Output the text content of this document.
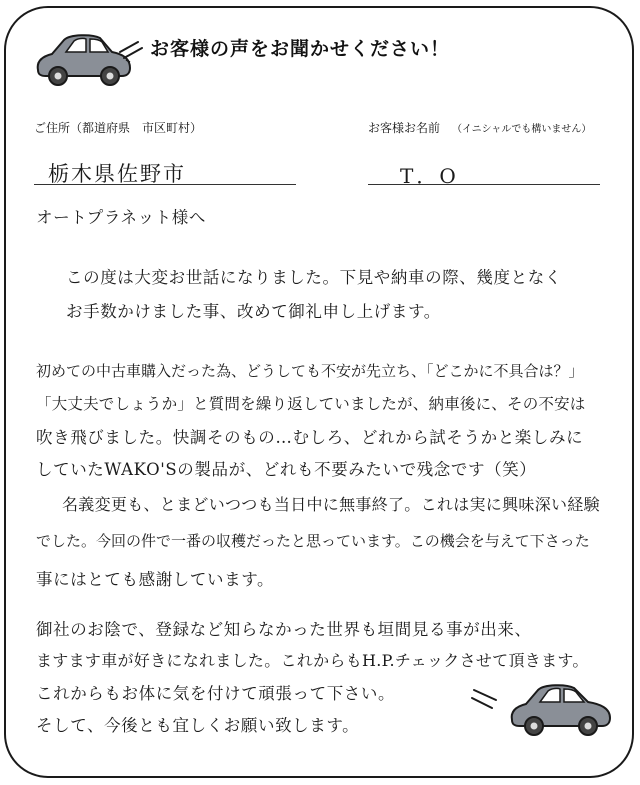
お客様の声をお聞かせください！
ご住所（都道府県　市区町村）
栃木県佐野市
お客様お名前 （イニシャルでも構いません）
T．O
オートプラネット様へ
この度は大変お世話になりました。下見や納車の際、幾度となく
お手数かけました事、改めて御礼申し上げます。
初めての中古車購入だった為、どうしても不安が先立ち、「どこかに不具合は？」
「大丈夫でしょうか」と質問を繰り返していましたが、納車後に、その不安は
吹き飛びました。快調そのもの…むしろ、どれから試そうかと楽しみに
していたWAKO'Sの製品が、どれも不要みたいで残念です（笑）
名義変更も、とまどいつつも当日中に無事終了。これは実に興味深い経験
でした。今回の件で一番の収穫だったと思っています。この機会を与えて下さった
事にはとても感謝しています。
御社のお陰で、登録など知らなかった世界も垣間見る事が出来、
ますます車が好きになれました。これからもH.P.チェックさせて頂きます。
これからもお体に気を付けて頑張って下さい。
そして、今後とも宜しくお願い致します。
